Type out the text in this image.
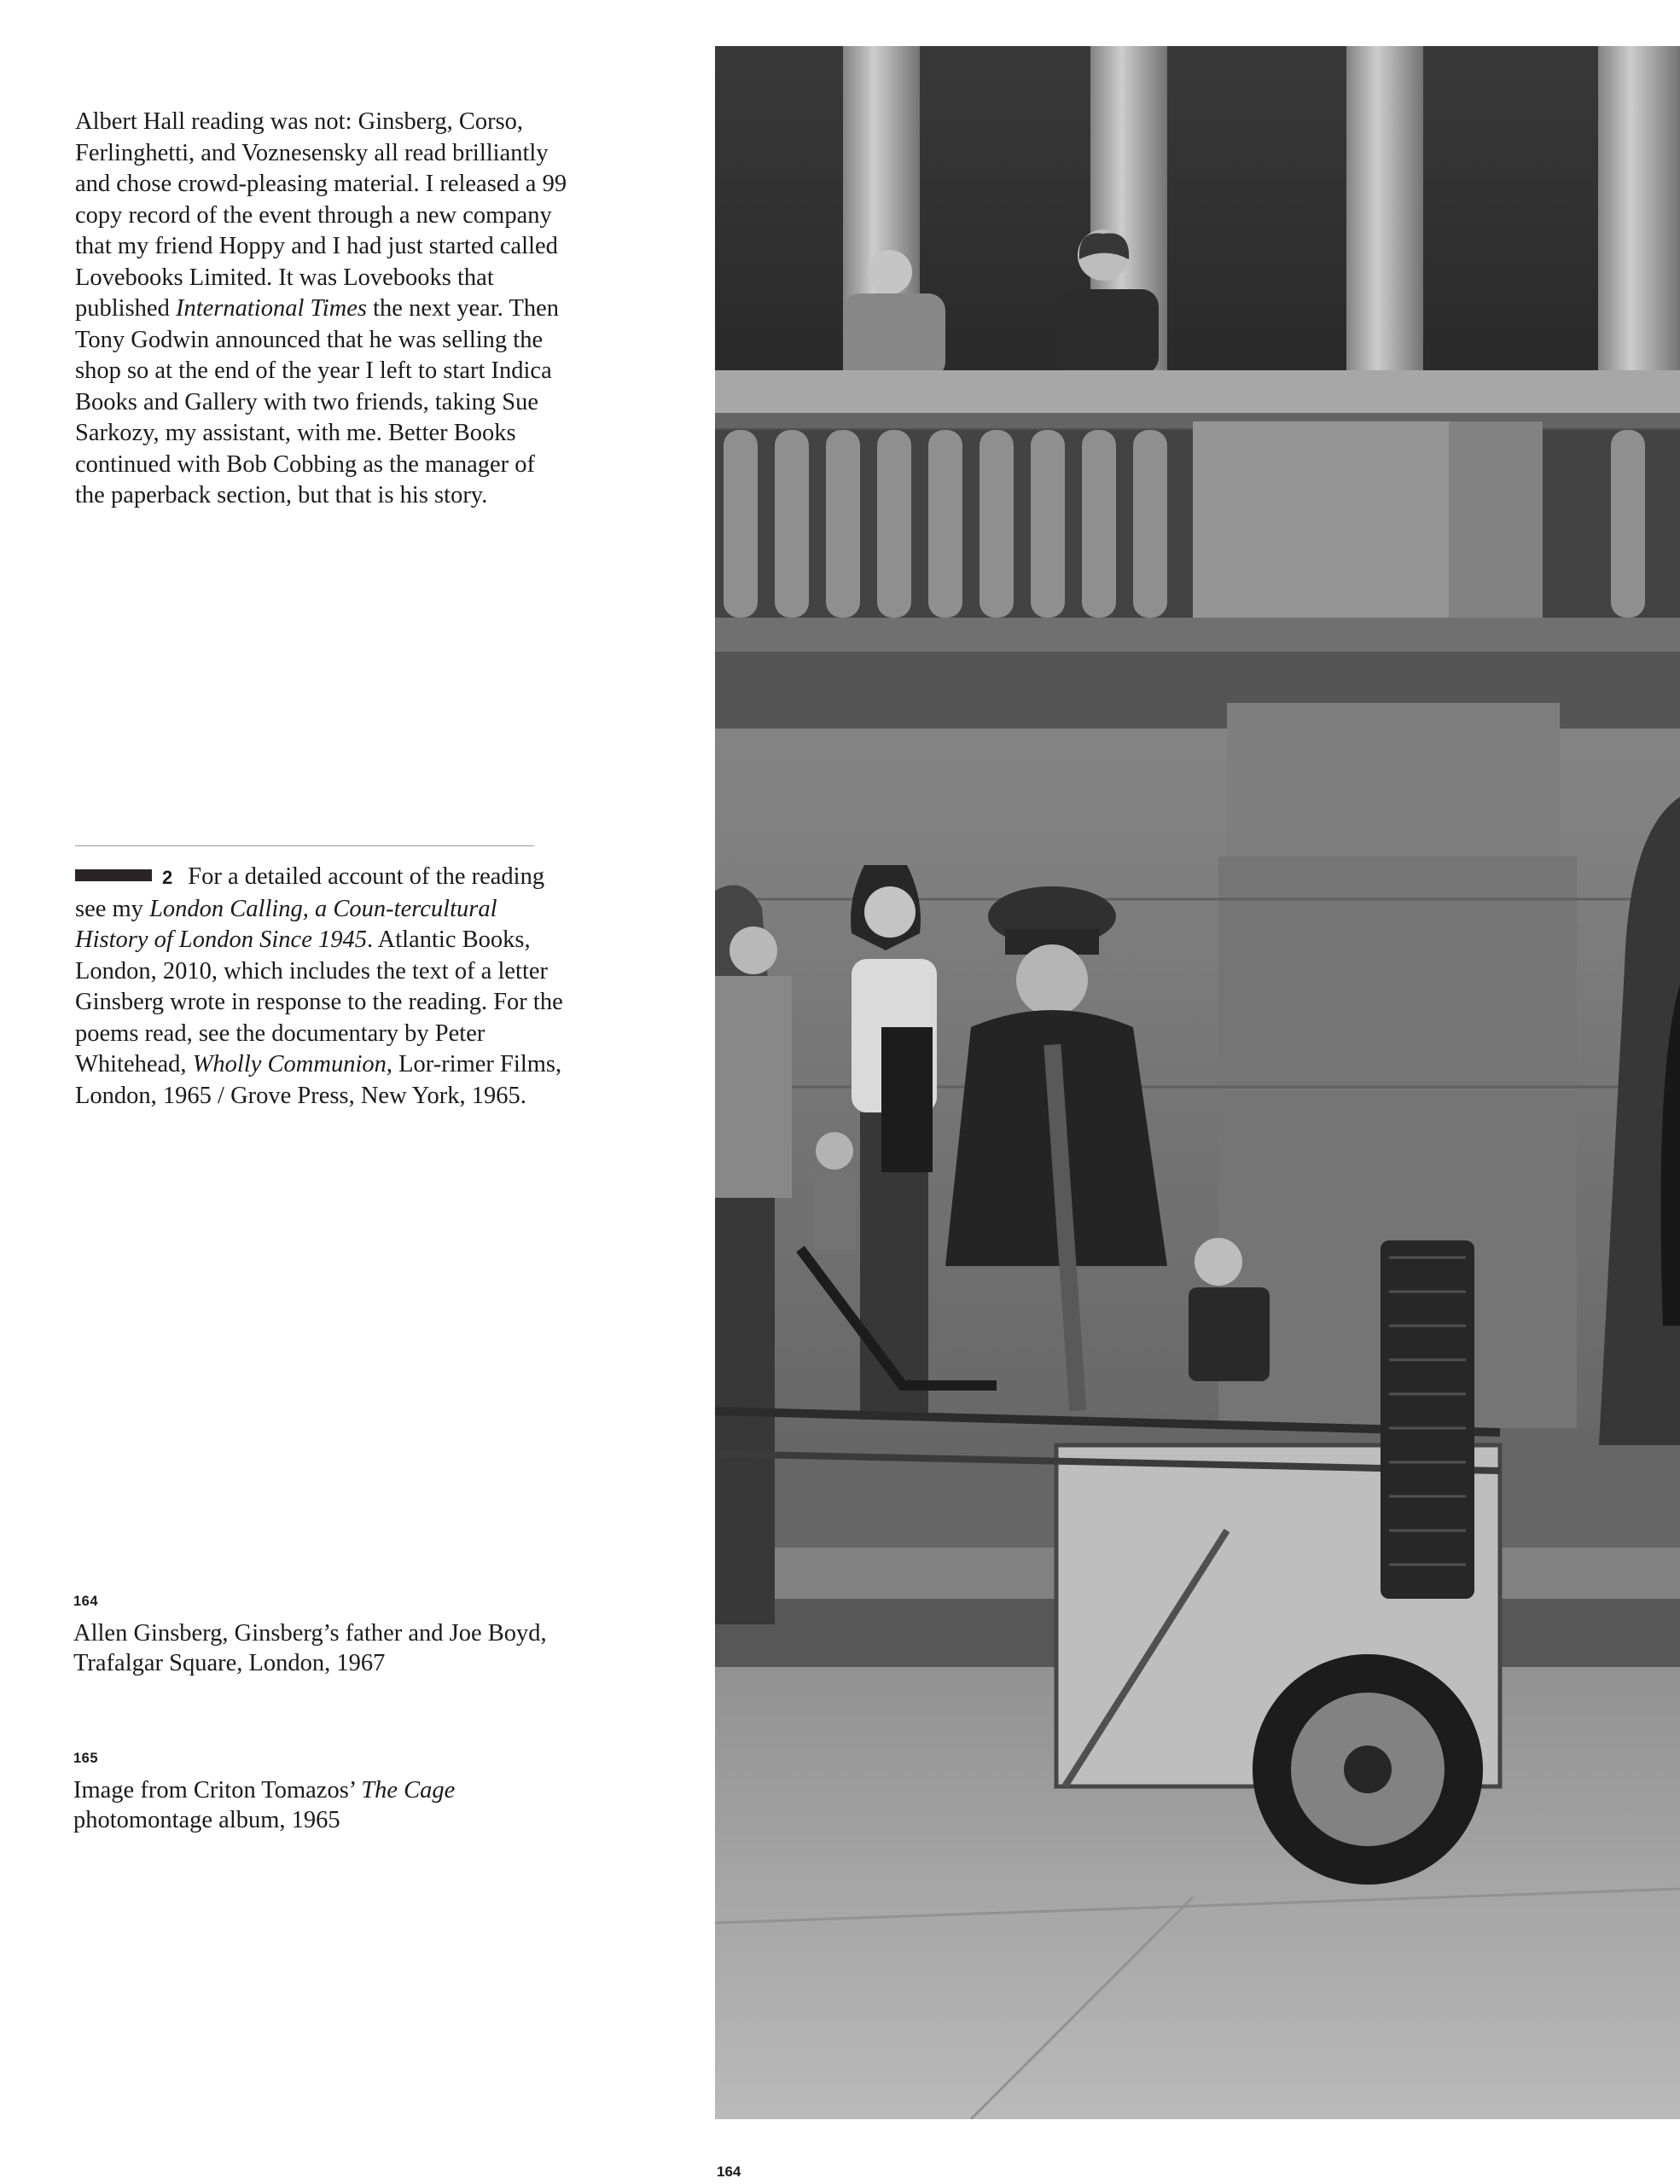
Albert Hall reading was not: Ginsberg, Corso, Ferlinghetti, and Voznesensky all read brilliantly and chose crowd-pleasing material. I released a 99 copy record of the event through a new company that my friend Hoppy and I had just started called Lovebooks Limited. It was Lovebooks that published International Times the next year. Then Tony Godwin announced that he was selling the shop so at the end of the year I left to start Indica Books and Gallery with two friends, taking Sue Sarkozy, my assistant, with me. Better Books continued with Bob Cobbing as the manager of the paperback section, but that is his story.

2 For a detailed account of the reading see my London Calling, a Coun-tercultural History of London Since 1945. Atlantic Books, London, 2010, which includes the text of a letter Ginsberg wrote in response to the reading. For the poems read, see the documentary by Peter Whitehead, Wholly Communion, Lor-rimer Films, London, 1965 / Grove Press, New York, 1965.
164
Allen Ginsberg, Ginsberg’s father and Joe Boyd, Trafalgar Square, London, 1967
165
Image from Criton Tomazos’ The Cage photomontage album, 1965
164
